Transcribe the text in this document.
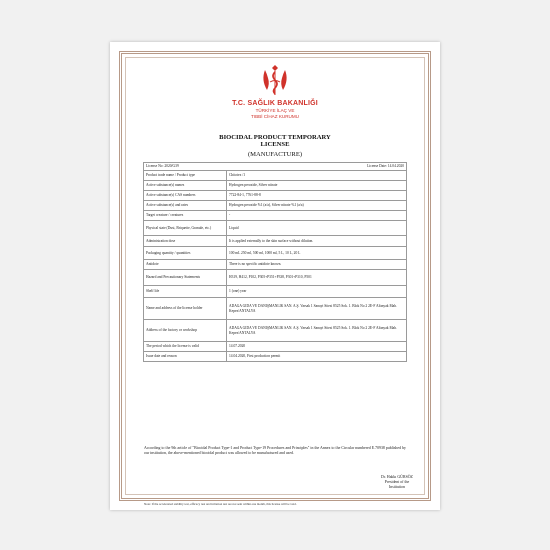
T.C. SAĞLIK BAKANLIĞI
TÜRKİYE İLAÇ VE
TIBBİ CİHAZ KURUMU
BIOCIDAL PRODUCT TEMPORARY
LICENSE
(MANUFACTURE)
License No: 2020/G39 License Date: 14.04.2020	

Product trade name / Product type	Chitotex /1
Active substance(s) names	Hydrogen peroxide, Silver nitrate
Active substance(s) CAS numbers	7722-84-1, 7761-88-8
Active substance(s) and rates	Hydrogen peroxide %1 (a/a), Silver nitrate %1 (a/a)
Target creature / creatures	-
Physical state (Dust, Briquette, Granule, etc.)	Liquid
Administration dose	It is applied externally to the skin surface without dilution.
Packaging quantity / quantities	100 mL 250 ml, 500 ml, 1000 ml, 5 L, 10 L, 20 L
Antidote	There is no specific antidote known.
Hazard and Precautionary Statements	H319, H412, P102, P305+P351+P338, P301+P310, P501
Shelf life	1 (one) year
Name and address of the license holder	ADAGA GIDA VE DANIŞMANLIK SAN. A.Ş. Varsak 1 Sanayi Sitesi 8525 Sok. 1. Blok No 2 2E-F Altınyak Mah. Kepez/ANTALYA
Address of the factory or workshop	ADAGA GIDA VE DANIŞMANLIK SAN. A.Ş. Varsak 1 Sanayi Sitesi 8525 Sok. 1. Blok No 2 2E-F Altınyak Mah. Kepez/ANTALYA
The period which the license is valid	14.07.2020
Issue date and reason	14.04.2020, First production permit
According to the 9th article of "Biocidal Product Type-1 and Product Type-19 Procedures and Principles" in the Annex to the Circular numbered E.70938 published by our institution, the above-mentioned biocidal product was allowed to be manufactured and used.
Dr. Hakkı GÜRSÖZ
President of the
Institution
Note: If the accelerated stability test, efficacy test and irritation test are not sent within one month, this license will be void.
